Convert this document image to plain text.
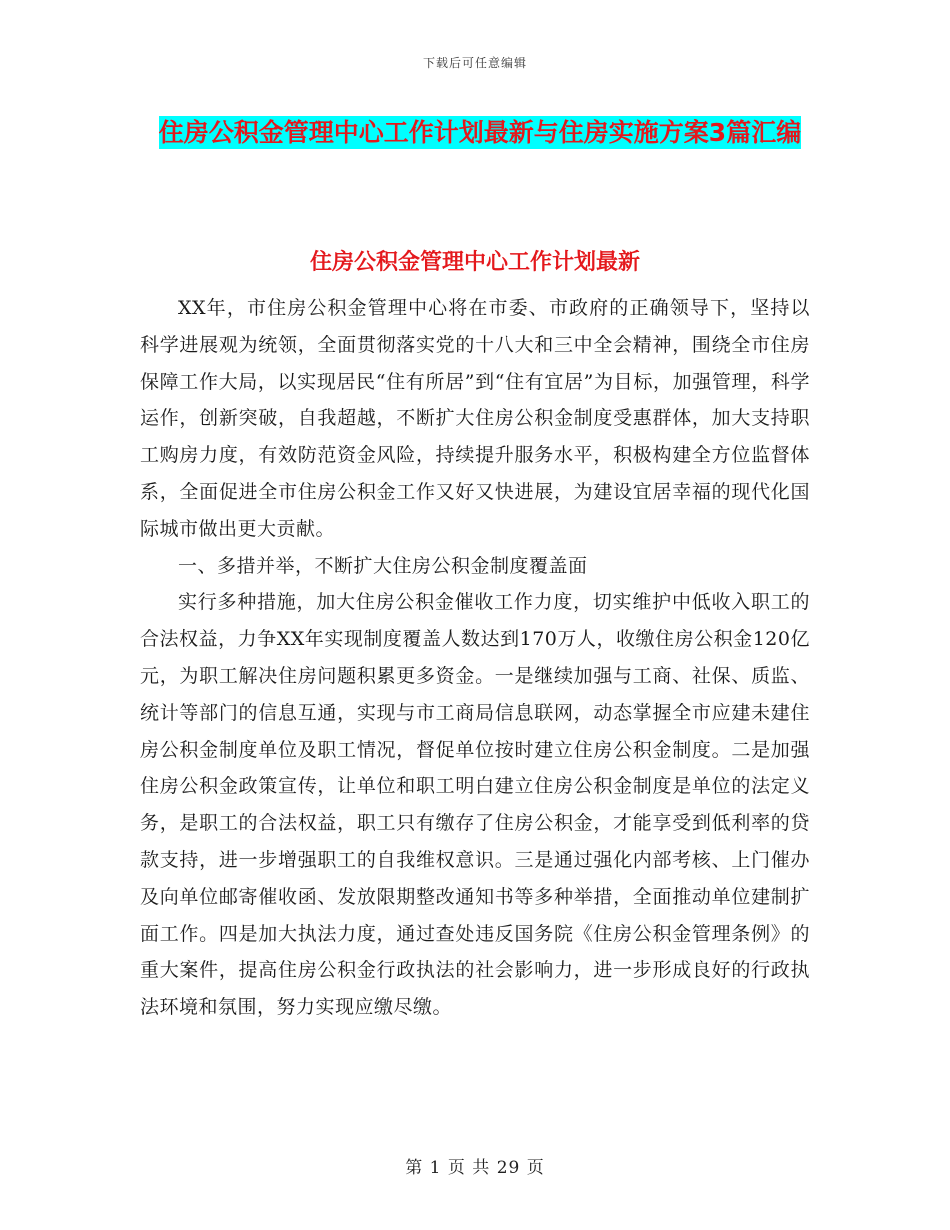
下载后可任意编辑
住房公积金管理中心工作计划最新与住房实施方案3篇汇编
住房公积金管理中心工作计划最新

XX年，市住房公积金管理中心将在市委、市政府的正确领导下，坚持以科学进展观为统领，全面贯彻落实党的十八大和三中全会精神，围绕全市住房保障工作大局，以实现居民“住有所居”到“住有宜居”为目标，加强管理，科学运作，创新突破，自我超越，不断扩大住房公积金制度受惠群体，加大支持职工购房力度，有效防范资金风险，持续提升服务水平，积极构建全方位监督体系，全面促进全市住房公积金工作又好又快进展，为建设宜居幸福的现代化国际城市做出更大贡献。

一、多措并举，不断扩大住房公积金制度覆盖面

实行多种措施，加大住房公积金催收工作力度，切实维护中低收入职工的合法权益，力争XX年实现制度覆盖人数达到170万人，收缴住房公积金120亿元，为职工解决住房问题积累更多资金。一是继续加强与工商、社保、质监、统计等部门的信息互通，实现与市工商局信息联网，动态掌握全市应建未建住房公积金制度单位及职工情况，督促单位按时建立住房公积金制度。二是加强住房公积金政策宣传，让单位和职工明白建立住房公积金制度是单位的法定义务，是职工的合法权益，职工只有缴存了住房公积金，才能享受到低利率的贷款支持，进一步增强职工的自我维权意识。三是通过强化内部考核、上门催办及向单位邮寄催收函、发放限期整改通知书等多种举措，全面推动单位建制扩面工作。四是加大执法力度，通过查处违反国务院《住房公积金管理条例》的重大案件，提高住房公积金行政执法的社会影响力，进一步形成良好的行政执法环境和氛围，努力实现应缴尽缴。

第 1 页 共 29 页
